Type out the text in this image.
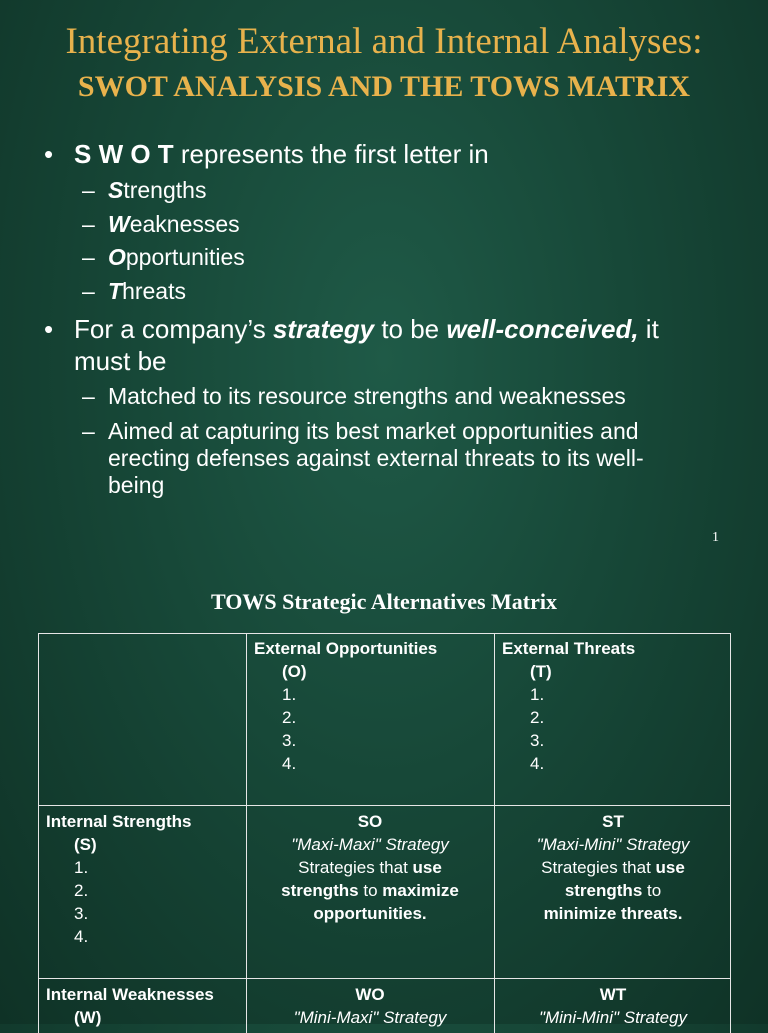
Integrating External and Internal Analyses:
SWOT ANALYSIS AND THE TOWS MATRIX
• S W O T represents the first letter in
– Strengths
– Weaknesses
– Opportunities
– Threats
• For a company’s strategy to be well-conceived, it
must be
– Matched to its resource strengths and weaknesses
– Aimed at capturing its best market opportunities and
erecting defenses against external threats to its well-
being
1
TOWS Strategic Alternatives Matrix
External Opportunities
(O)
1.
2.
3.
4.
External Threats
(T)
1.
2.
3.
4.
Internal Strengths
(S)
1.
2.
3.
4.
SO
"Maxi-Maxi" Strategy
Strategies that use
strengths to maximize
opportunities.
ST
"Maxi-Mini" Strategy
Strategies that use
strengths to
minimize threats.
Internal Weaknesses
(W)
WO
"Mini-Maxi" Strategy
WT
"Mini-Mini" Strategy
